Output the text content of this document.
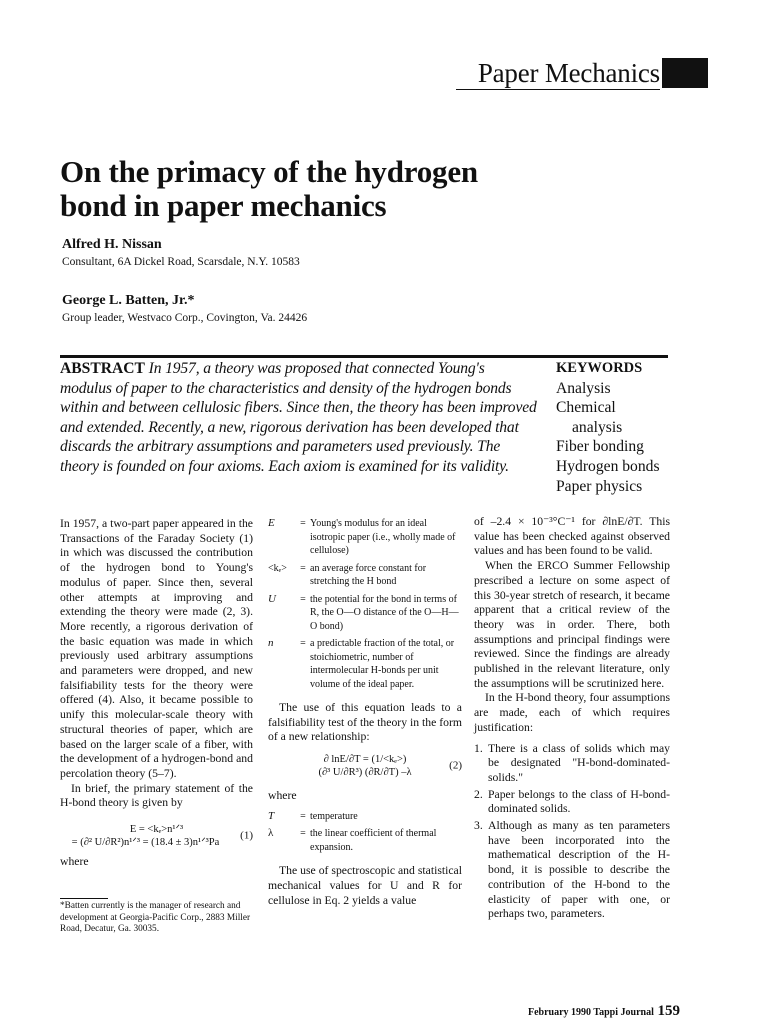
Paper Mechanics
On the primacy of the hydrogen
bond in paper mechanics
Alfred H. Nissan
Consultant, 6A Dickel Road, Scarsdale, N.Y. 10583
George L. Batten, Jr.*
Group leader, Westvaco Corp., Covington, Va. 24426
ABSTRACT In 1957, a theory was proposed that connected Young's modulus of paper to the characteristics and density of the hydrogen bonds within and between cellulosic fibers. Since then, the theory has been improved and extended. Recently, a new, rigorous derivation has been developed that discards the arbitrary assumptions and parameters used previously. The theory is founded on four axioms. Each axiom is examined for its validity.
KEYWORDS
Analysis
Chemical
analysis
Fiber bonding
Hydrogen bonds
Paper physics

In 1957, a two-part paper appeared in the Transactions of the Faraday Society (1) in which was discussed the contribution of the hydrogen bond to Young's modulus of paper. Since then, several other attempts at improving and extending the theory were made (2, 3). More recently, a rigorous derivation of the basic equation was made in which previously used arbitrary assumptions and parameters were dropped, and new falsifiability tests for the theory were offered (4). Also, it became possible to unify this molecular-scale theory with structural theories of paper, which are based on the larger scale of a fiber, with the development of a hydrogen-bond and percolation theory (5–7).

In brief, the primary statement of the H-bond theory is given by

E = <kₑ>n¹ᐟ³
= (∂² U/∂R²)n¹ᐟ³ = (18.4 ± 3)n¹ᐟ³Pa
(1)

where

*Batten currently is the manager of research and development at Georgia-Pacific Corp., 2883 Miller Road, Decatur, Ga. 30035.
E	= Young's modulus for an ideal isotropic paper (i.e., wholly made of cellulose)
<kₑ>	= an average force constant for stretching the H bond
U	= the potential for the bond in terms of R, the O—O distance of the O—H—O bond)
n	= a predictable fraction of the total, or stoichiometric, number of intermolecular H-bonds per unit volume of the ideal paper.

The use of this equation leads to a falsifiability test of the theory in the form of a new relationship:

∂ lnE/∂T = (1/<kₑ>)
(∂³ U/∂R³) (∂R/∂T) –λ
(2)

where

T	= temperature
λ	= the linear coefficient of thermal expansion.

The use of spectroscopic and statistical mechanical values for U and R for cellulose in Eq. 2 yields a value

of –2.4 × 10⁻³°C⁻¹ for ∂lnE/∂T. This value has been checked against observed values and has been found to be valid.

When the ERCO Summer Fellowship prescribed a lecture on some aspect of this 30-year stretch of research, it became apparent that a critical review of the theory was in order. There, both assumptions and principal findings were reviewed. Since the findings are already published in the relevant literature, only the assumptions will be scrutinized here.

In the H-bond theory, four assumptions are made, each of which requires justification:

1. There is a class of solids which may be designated "H-bond-dominated-solids."
2. Paper belongs to the class of H-bond-dominated solids.
3. Although as many as ten parameters have been incorporated into the mathematical description of the H-bond, it is possible to describe the contribution of the H-bond to the elasticity of paper with one, or perhaps two, parameters.
February 1990 Tappi Journal 159
